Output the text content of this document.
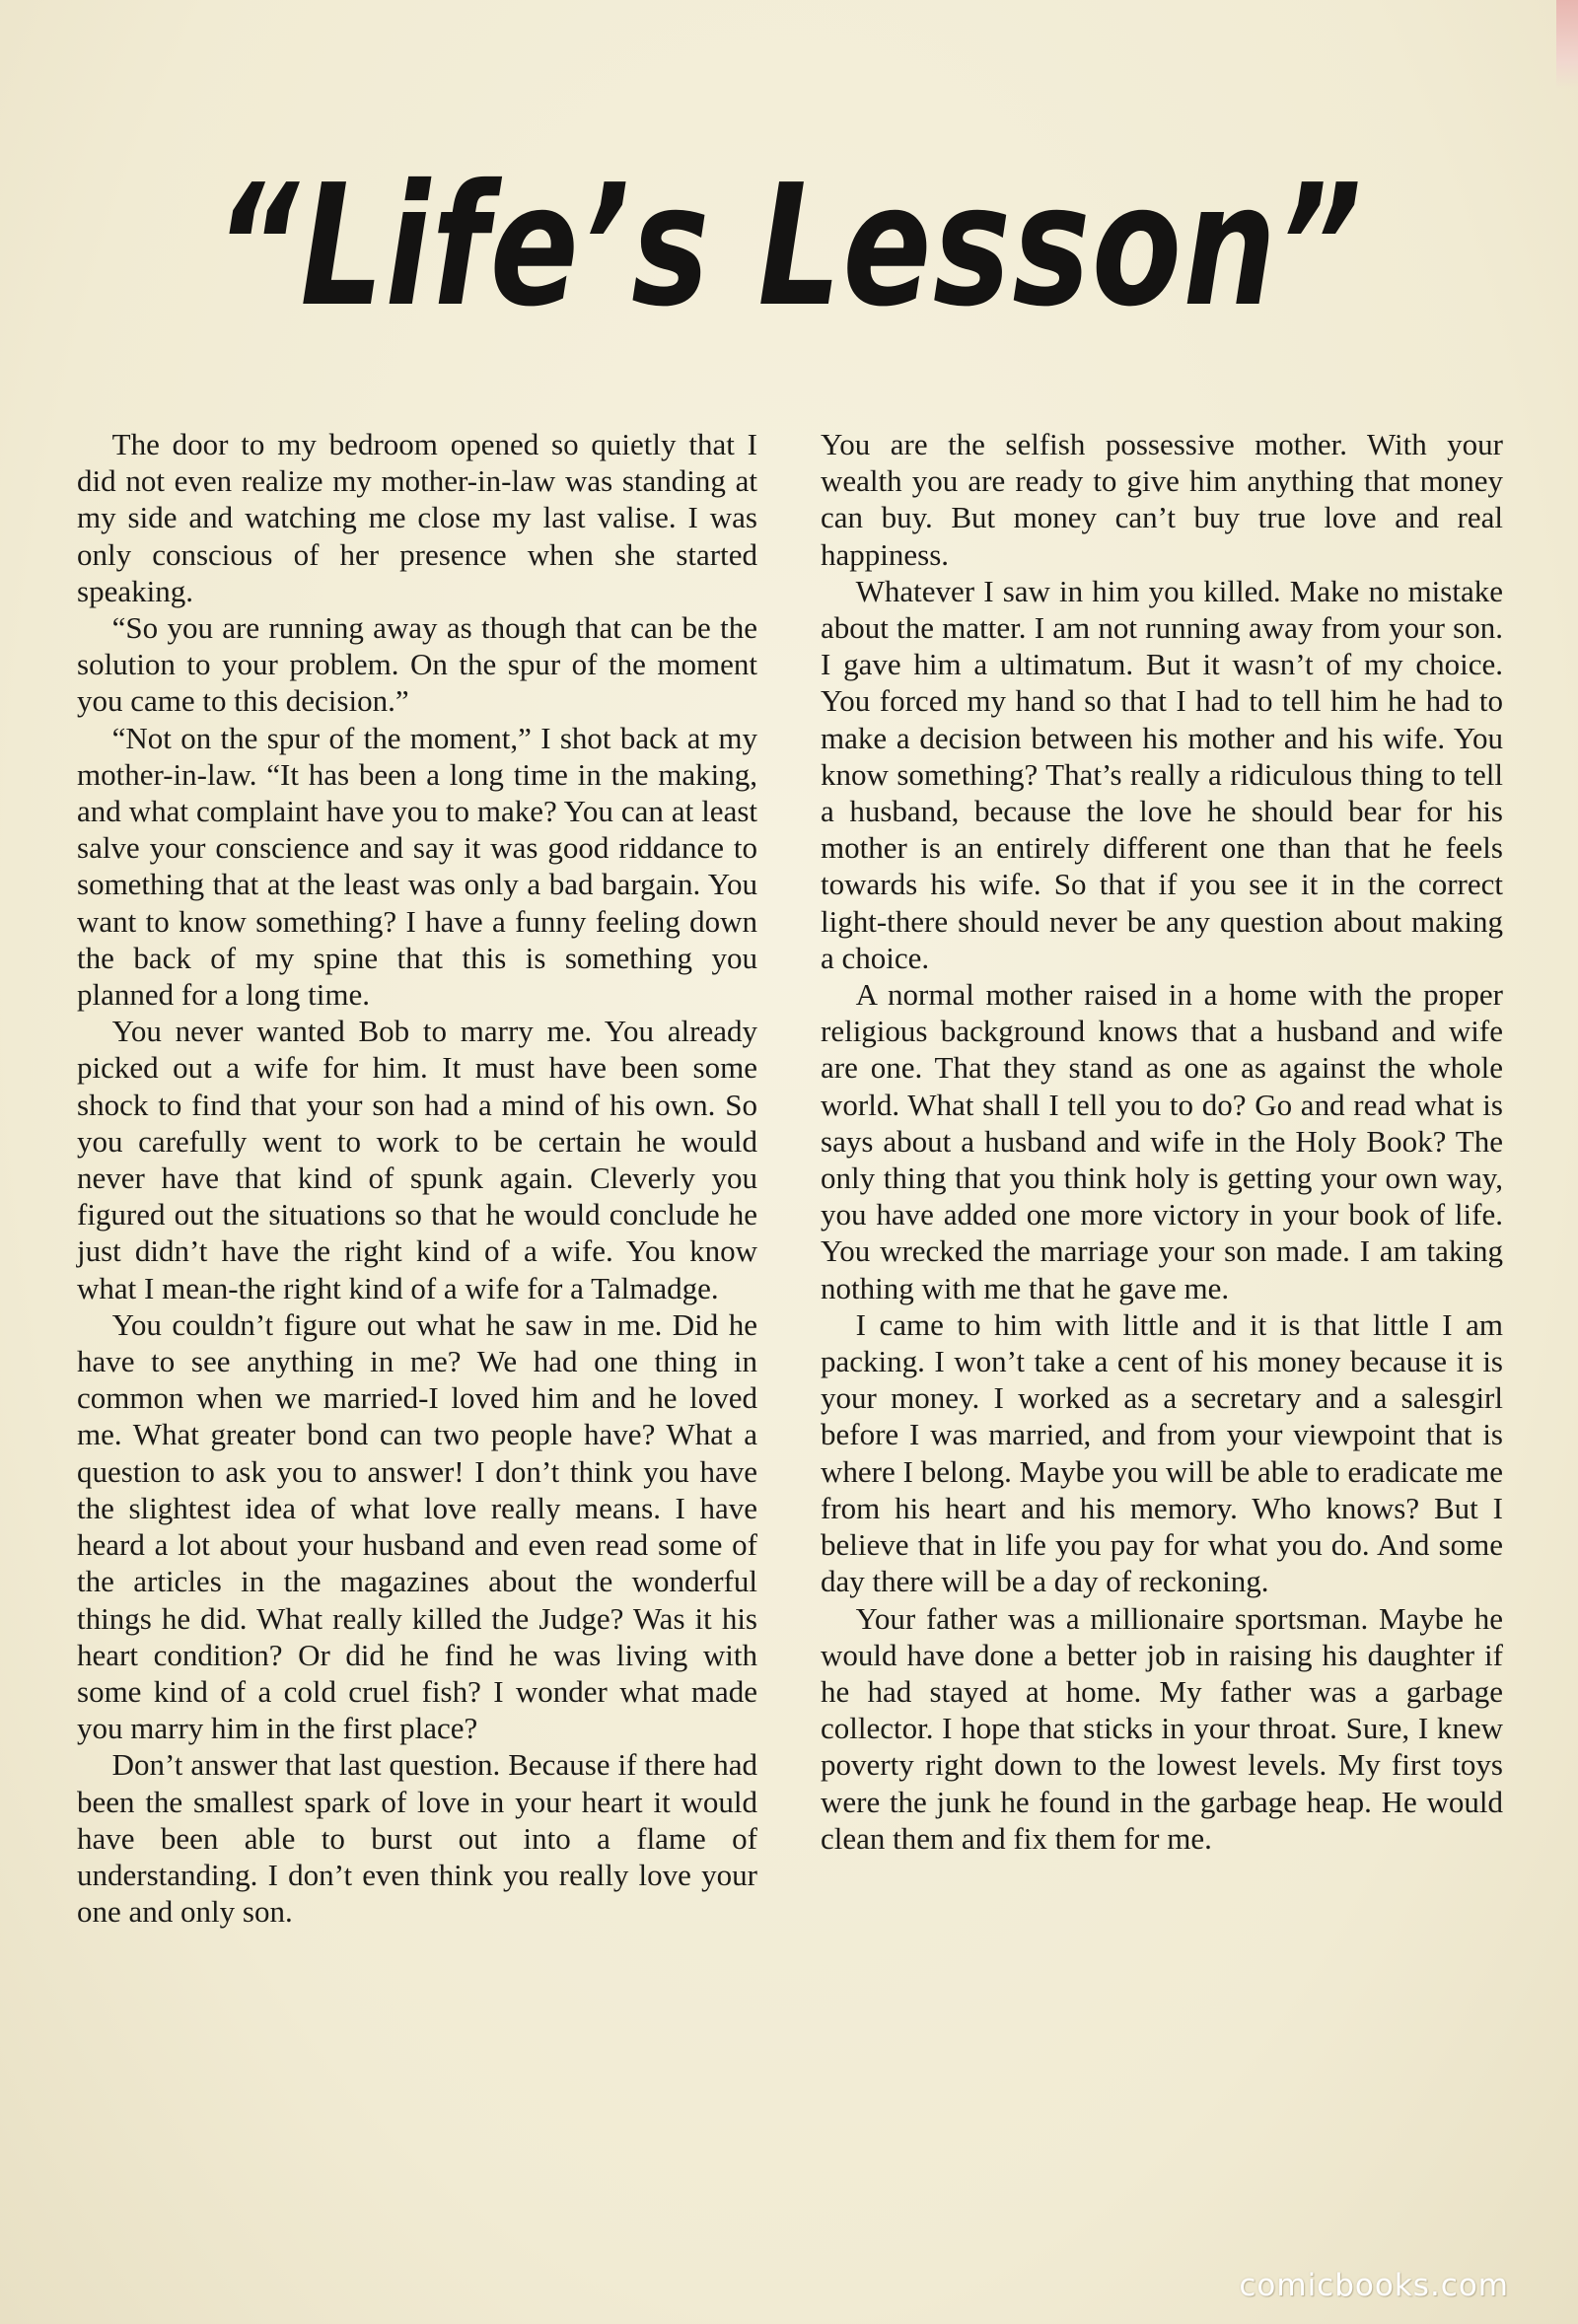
“Life’s Lesson”

The door to my bedroom opened so quietly that I did not even realize my mother-in-law was standing at my side and watching me close my last valise. I was only conscious of her presence when she started speaking.

“So you are running away as though that can be the solution to your problem. On the spur of the moment you came to this decision.”

“Not on the spur of the moment,” I shot back at my mother-in-law. “It has been a long time in the making, and what complaint have you to make? You can at least salve your conscience and say it was good riddance to something that at the least was only a bad bargain. You want to know something? I have a funny feeling down the back of my spine that this is something you planned for a long time.

You never wanted Bob to marry me. You already picked out a wife for him. It must have been some shock to find that your son had a mind of his own. So you carefully went to work to be certain he would never have that kind of spunk again. Cleverly you figured out the situations so that he would conclude he just didn’t have the right kind of a wife. You know what I mean-the right kind of a wife for a Talmadge.

You couldn’t figure out what he saw in me. Did he have to see anything in me? We had one thing in common when we married-I loved him and he loved me. What greater bond can two people have? What a question to ask you to answer! I don’t think you have the slightest idea of what love really means. I have heard a lot about your husband and even read some of the articles in the magazines about the wonderful things he did. What really killed the Judge? Was it his heart condition? Or did he find he was living with some kind of a cold cruel fish? I wonder what made you marry him in the first place?

Don’t answer that last question. Because if there had been the smallest spark of love in your heart it would have been able to burst out into a flame of understanding. I don’t even think you really love your one and only son.

You are the selfish possessive mother. With your wealth you are ready to give him anything that money can buy. But money can’t buy true love and real happiness.

Whatever I saw in him you killed. Make no mistake about the matter. I am not running away from your son. I gave him a ultimatum. But it wasn’t of my choice. You forced my hand so that I had to tell him he had to make a decision between his mother and his wife. You know something? That’s really a ridiculous thing to tell a husband, because the love he should bear for his mother is an entirely different one than that he feels towards his wife. So that if you see it in the correct light-there should never be any question about making a choice.

A normal mother raised in a home with the proper religious background knows that a husband and wife are one. That they stand as one as against the whole world. What shall I tell you to do? Go and read what is says about a husband and wife in the Holy Book? The only thing that you think holy is getting your own way, you have added one more victory in your book of life. You wrecked the marriage your son made. I am taking nothing with me that he gave me.

I came to him with little and it is that little I am packing. I won’t take a cent of his money because it is your money. I worked as a secretary and a salesgirl before I was married, and from your viewpoint that is where I belong. Maybe you will be able to eradicate me from his heart and his memory. Who knows? But I believe that in life you pay for what you do. And some day there will be a day of reckoning.

Your father was a millionaire sportsman. Maybe he would have done a better job in raising his daughter if he had stayed at home. My father was a garbage collector. I hope that sticks in your throat. Sure, I knew poverty right down to the lowest levels. My first toys were the junk he found in the garbage heap. He would clean them and fix them for me.

comicbooks.com
